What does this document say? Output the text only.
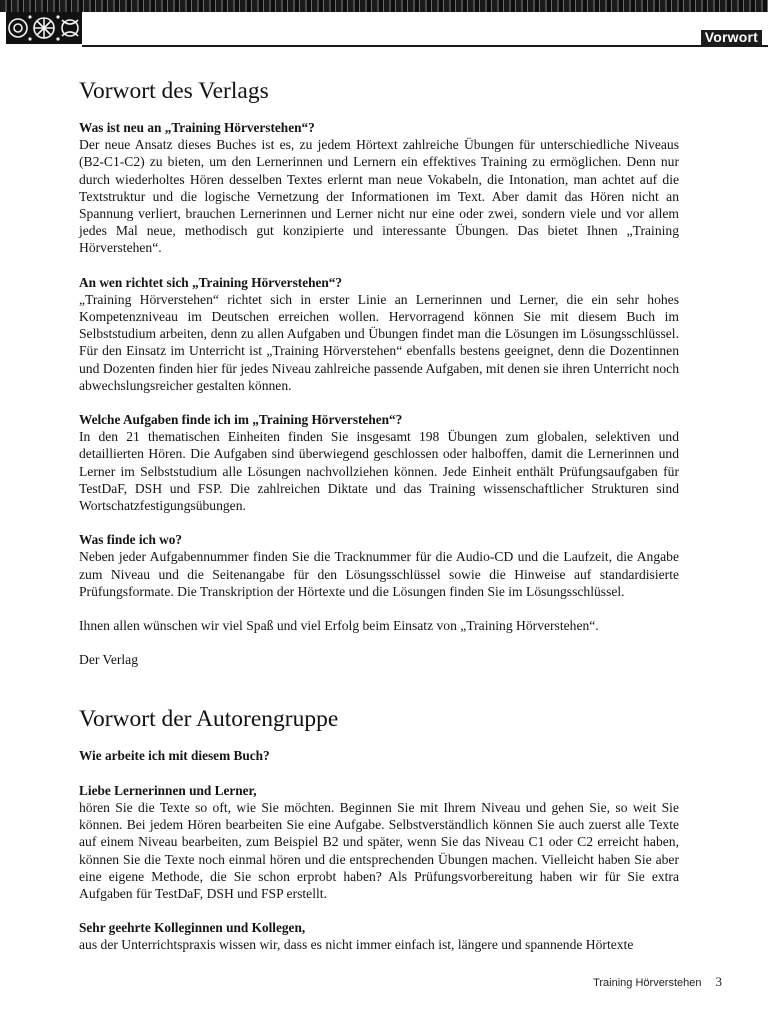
Vorwort
Vorwort des Verlags
Was ist neu an „Training Hörverstehen“?

Der neue Ansatz dieses Buches ist es, zu jedem Hörtext zahlreiche Übungen für unterschiedliche Niveaus (B2-C1-C2) zu bieten, um den Lernerinnen und Lernern ein effektives Training zu ermöglichen. Denn nur durch wiederholtes Hören desselben Textes erlernt man neue Vokabeln, die Intonation, man achtet auf die Textstruktur und die logische Vernetzung der Informationen im Text. Aber damit das Hören nicht an Spannung verliert, brauchen Lernerinnen und Lerner nicht nur eine oder zwei, sondern viele und vor allem jedes Mal neue, methodisch gut konzipierte und interessante Übungen. Das bietet Ihnen „Training Hörverstehen“.

An wen richtet sich „Training Hörverstehen“?

„Training Hörverstehen“ richtet sich in erster Linie an Lernerinnen und Lerner, die ein sehr hohes Kompetenzniveau im Deutschen erreichen wollen. Hervorragend können Sie mit diesem Buch im Selbststudium arbeiten, denn zu allen Aufgaben und Übungen findet man die Lösungen im Lösungsschlüssel. Für den Einsatz im Unterricht ist „Training Hörverstehen“ ebenfalls bestens geeignet, denn die Dozentinnen und Dozenten finden hier für jedes Niveau zahlreiche passende Aufgaben, mit denen sie ihren Unterricht noch abwechslungsreicher gestalten können.

Welche Aufgaben finde ich im „Training Hörverstehen“?

In den 21 thematischen Einheiten finden Sie insgesamt 198 Übungen zum globalen, selektiven und detaillierten Hören. Die Aufgaben sind überwiegend geschlossen oder halboffen, damit die Lernerinnen und Lerner im Selbststudium alle Lösungen nachvollziehen können. Jede Einheit enthält Prüfungsaufgaben für TestDaF, DSH und FSP. Die zahlreichen Diktate und das Training wissenschaftlicher Strukturen sind Wortschatzfestigungsübungen.

Was finde ich wo?

Neben jeder Aufgabennummer finden Sie die Tracknummer für die Audio-CD und die Laufzeit, die Angabe zum Niveau und die Seitenangabe für den Lösungsschlüssel sowie die Hinweise auf standardisierte Prüfungsformate. Die Transkription der Hörtexte und die Lösungen finden Sie im Lösungsschlüssel.

Ihnen allen wünschen wir viel Spaß und viel Erfolg beim Einsatz von „Training Hörverstehen“.

Der Verlag

Vorwort der Autorengruppe
Wie arbeite ich mit diesem Buch?
Liebe Lernerinnen und Lerner,

hören Sie die Texte so oft, wie Sie möchten. Beginnen Sie mit Ihrem Niveau und gehen Sie, so weit Sie können. Bei jedem Hören bearbeiten Sie eine Aufgabe. Selbstverständlich können Sie auch zuerst alle Texte auf einem Niveau bearbeiten, zum Beispiel B2 und später, wenn Sie das Niveau C1 oder C2 erreicht haben, können Sie die Texte noch einmal hören und die entsprechenden Übungen machen. Vielleicht haben Sie aber eine eigene Methode, die Sie schon erprobt haben? Als Prüfungsvorbereitung haben wir für Sie extra Aufgaben für TestDaF, DSH und FSP erstellt.

Sehr geehrte Kolleginnen und Kollegen,

aus der Unterrichtspraxis wissen wir, dass es nicht immer einfach ist, längere und spannende Hörtexte

Training Hörverstehen 3
